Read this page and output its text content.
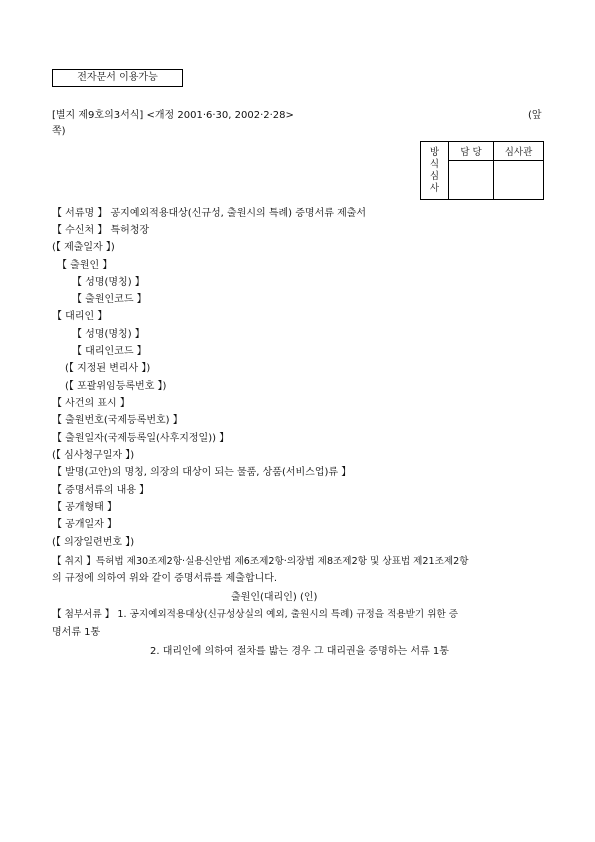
전자문서 이용가능
[별지 제9호의3서식] <개정 2001·6·30, 2002·2·28>	(앞
쪽)
방
식
심
사	담 당	심사관

【 서류명 】 공지예외적용대상(신규성, 출원시의 특례) 증명서류 제출서
【 수신처 】 특허청장
(【 제출일자 】)
【 출원인 】
【 성명(명칭) 】
【 출원인코드 】
【 대리인 】
【 성명(명칭) 】
【 대리인코드 】
(【 지정된 변리사 】)
(【 포괄위임등록번호 】)
【 사건의 표시 】
【 출원번호(국제등록번호) 】
【 출원일자(국제등록일(사후지정일)) 】
(【 심사청구일자 】)
【 발명(고안)의 명칭, 의장의 대상이 되는 물품, 상품(서비스업)류 】
【 증명서류의 내용 】
【 공개형태 】
【 공개일자 】
(【 의장일련번호 】)
【 취지 】특허법 제30조제2항·실용신안법 제6조제2항·의장법 제8조제2항 및 상표법 제21조제2항
의 규정에 의하여 위와 같이 증명서류를 제출합니다.
출원인(대리인) (인)
【 첨부서류 】 1. 공지예외적용대상(신규성상실의 예외, 출원시의 특례) 규정을 적용받기 위한 증
명서류 1통
2. 대리인에 의하여 절차를 밟는 경우 그 대리권을 증명하는 서류 1통
